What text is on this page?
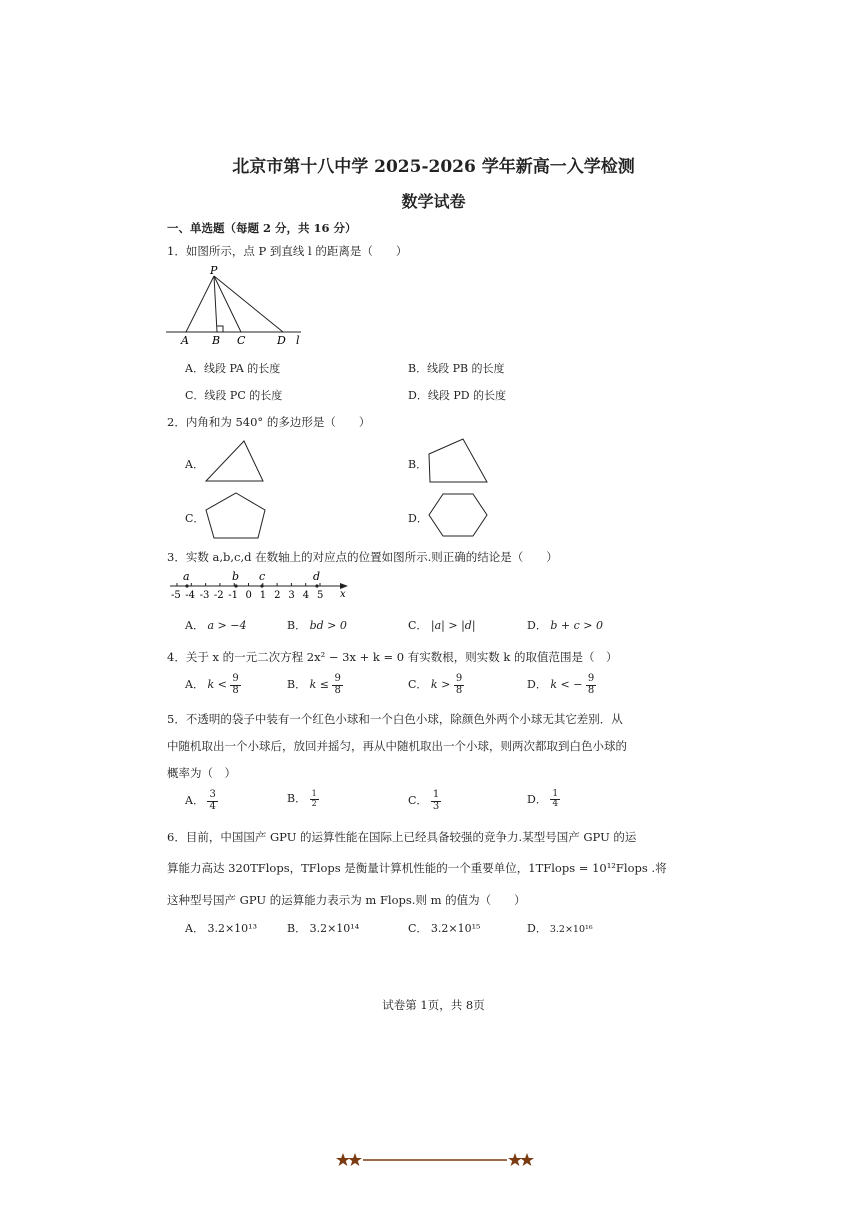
北京市第十八中学 2025-2026 学年新高一入学检测
数学试卷
一、单选题（每题 2 分，共 16 分）
1．如图所示，点 P 到直线 l 的距离是（　　）
P
A B C	D l
A．线段 PA 的长度	B．线段 PB 的长度
C．线段 PC 的长度	D．线段 PD 的长度
2．内角和为 540° 的多边形是（　　）
A．	B．
C．	D．
3．实数 a,b,c,d 在数轴上的对应点的位置如图所示.则正确的结论是（　　）
-5 -4 -3 -2 -1 0 1 2 3 4 5
a	b c	d
x
A． a > −4	B． bd > 0	C． |a| > |d|	D． b + c > 0
4．关于 x 的一元二次方程 2x² − 3x + k = 0 有实数根，则实数 k 的取值范围是（　）
A． $k < \frac{9}{8}$	B． $k \le \frac{9}{8}$	C． $k > \frac{9}{8}$	D． k < − $\frac{9}{8}$
5．不透明的袋子中装有一个红色小球和一个白色小球，除颜色外两个小球无其它差别．从
中随机取出一个小球后，放回并摇匀，再从中随机取出一个小球，则两次都取到白色小球的
概率为（　）
A． $\frac{3}{4}$	B． $\frac{1}{2}$	C． $\frac{1}{3}$	D． $\frac{1}{4}$
6．目前，中国国产 GPU 的运算性能在国际上已经具备较强的竞争力.某型号国产 GPU 的运
算能力高达 320TFlops，TFlops 是衡量计算机性能的一个重要单位，1TFlops = 10¹²Flops .将
这种型号国产 GPU 的运算能力表示为 m Flops.则 m 的值为（　　）
A． 3.2×10¹³	B． 3.2×10¹⁴	C． 3.2×10¹⁵	D． 3.2×10¹⁶
试卷第 1页，共 8页
